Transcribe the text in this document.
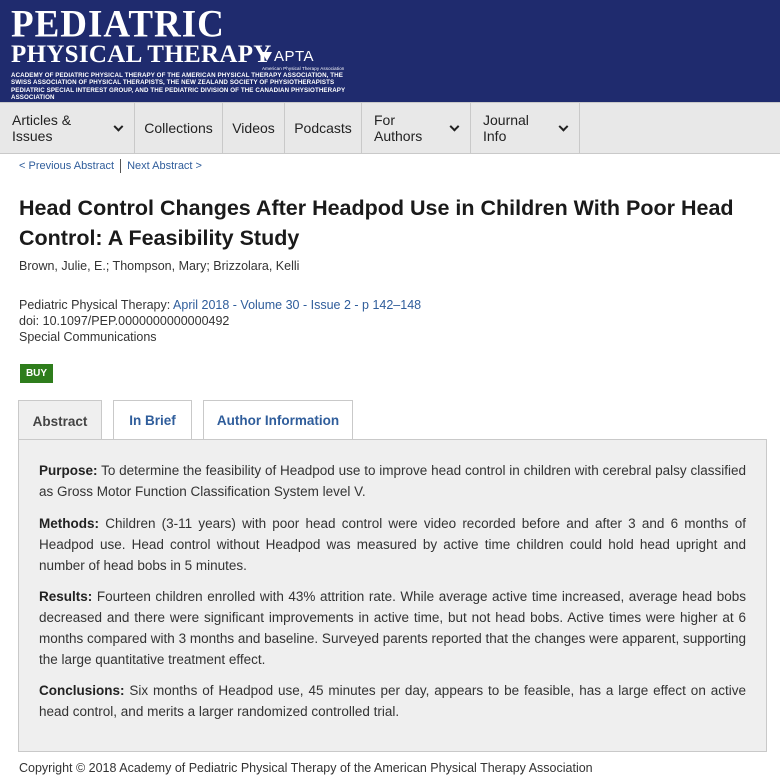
PEDIATRIC
PHYSICAL THERAPY
ACADEMY OF PEDIATRIC PHYSICAL THERAPY OF THE AMERICAN PHYSICAL THERAPY ASSOCIATION, THE SWISS ASSOCIATION OF PHYSICAL THERAPISTS, THE NEW ZEALAND SOCIETY OF PHYSIOTHERAPISTS PEDIATRIC SPECIAL INTEREST GROUP, AND THE PEDIATRIC DIVISION OF THE CANADIAN PHYSIOTHERAPY ASSOCIATION
APTA
American Physical Therapy Association
Articles & Issues	Collections Videos Podcasts For Authors
Journal Info
< Previous Abstract Next Abstract >
Head Control Changes After Headpod Use in Children With Poor Head Control: A Feasibility Study
Brown, Julie, E.; Thompson, Mary; Brizzolara, Kelli
Pediatric Physical Therapy: April 2018 - Volume 30 - Issue 2 - p 142–148
doi: 10.1097/PEP.0000000000000492
Special Communications
BUY
Abstract	In Brief	Author Information
Purpose: To determine the feasibility of Headpod use to improve head control in children with cerebral palsy classified as Gross Motor Function Classification System level V.
Methods: Children (3-11 years) with poor head control were video recorded before and after 3 and 6 months of Headpod use. Head control without Headpod was measured by active time children could hold head upright and number of head bobs in 5 minutes.
Results: Fourteen children enrolled with 43% attrition rate. While average active time increased, average head bobs decreased and there were significant improvements in active time, but not head bobs. Active times were higher at 6 months compared with 3 months and baseline. Surveyed parents reported that the changes were apparent, supporting the large quantitative treatment effect.
Conclusions: Six months of Headpod use, 45 minutes per day, appears to be feasible, has a large effect on active head control, and merits a larger randomized controlled trial.
Copyright © 2018 Academy of Pediatric Physical Therapy of the American Physical Therapy Association
